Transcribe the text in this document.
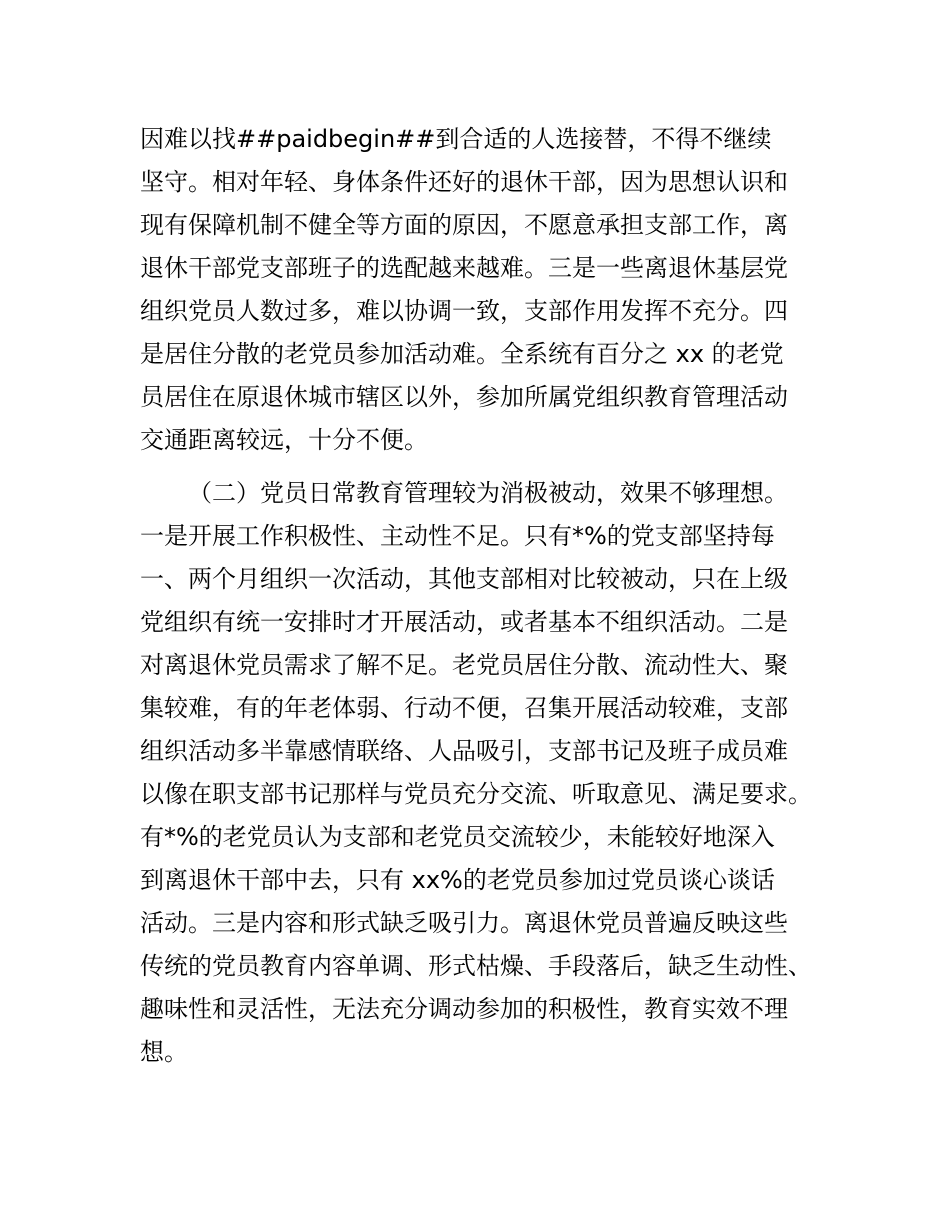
因难以找##paidbegin##到合适的人选接替，不得不继续
坚守。相对年轻、身体条件还好的退休干部，因为思想认识和
现有保障机制不健全等方面的原因，不愿意承担支部工作，离
退休干部党支部班子的选配越来越难。三是一些离退休基层党
组织党员人数过多，难以协调一致，支部作用发挥不充分。四
是居住分散的老党员参加活动难。全系统有百分之 xx 的老党
员居住在原退休城市辖区以外，参加所属党组织教育管理活动
交通距离较远，十分不便。
（二）党员日常教育管理较为消极被动，效果不够理想。
一是开展工作积极性、主动性不足。只有*%的党支部坚持每
一、两个月组织一次活动，其他支部相对比较被动，只在上级
党组织有统一安排时才开展活动，或者基本不组织活动。二是
对离退休党员需求了解不足。老党员居住分散、流动性大、聚
集较难，有的年老体弱、行动不便，召集开展活动较难，支部
组织活动多半靠感情联络、人品吸引，支部书记及班子成员难
以像在职支部书记那样与党员充分交流、听取意见、满足要求。
有*%的老党员认为支部和老党员交流较少，未能较好地深入
到离退休干部中去，只有 xx%的老党员参加过党员谈心谈话
活动。三是内容和形式缺乏吸引力。离退休党员普遍反映这些
传统的党员教育内容单调、形式枯燥、手段落后，缺乏生动性、
趣味性和灵活性，无法充分调动参加的积极性，教育实效不理
想。
